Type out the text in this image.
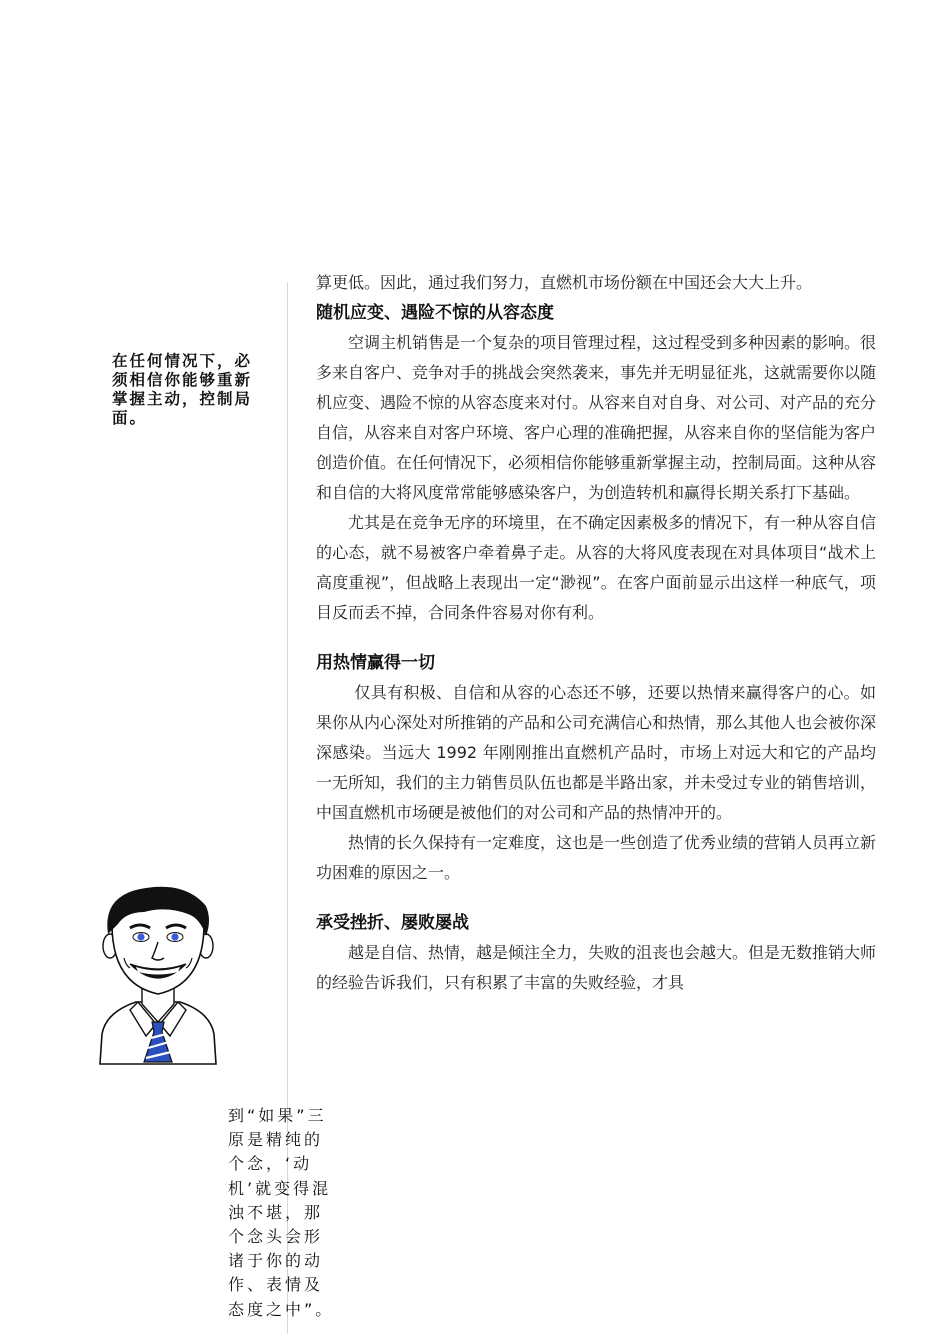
在任何情况下，必须相信你能够重新掌握主动，控制局面。

算更低。因此，通过我们努力，直燃机市场份额在中国还会大大上升。

随机应变、遇险不惊的从容态度

空调主机销售是一个复杂的项目管理过程，这过程受到多种因素的影响。很多来自客户、竞争对手的挑战会突然袭来，事先并无明显征兆，这就需要你以随机应变、遇险不惊的从容态度来对付。从容来自对自身、对公司、对产品的充分自信，从容来自对客户环境、客户心理的准确把握，从容来自你的坚信能为客户创造价值。在任何情况下，必须相信你能够重新掌握主动，控制局面。这种从容和自信的大将风度常常能够感染客户，为创造转机和赢得长期关系打下基础。

尤其是在竞争无序的环境里，在不确定因素极多的情况下，有一种从容自信的心态，就不易被客户牵着鼻子走。从容的大将风度表现在对具体项目“战术上高度重视”，但战略上表现出一定“渺视”。在客户面前显示出这样一种底气，项目反而丢不掉，合同条件容易对你有利。

用热情赢得一切

仅具有积极、自信和从容的心态还不够，还要以热情来赢得客户的心。如果你从内心深处对所推销的产品和公司充满信心和热情，那么其他人也会被你深深感染。当远大 1992 年刚刚推出直燃机产品时，市场上对远大和它的产品均一无所知，我们的主力销售员队伍也都是半路出家，并未受过专业的销售培训，中国直燃机市场硬是被他们的对公司和产品的热情冲开的。

热情的长久保持有一定难度，这也是一些创造了优秀业绩的营销人员再立新功困难的原因之一。

承受挫折、屡败屡战

越是自信、热情，越是倾注全力，失败的沮丧也会越大。但是无数推销大师的经验告诉我们，只有积累了丰富的失败经验，才具

到“如果”三原是精纯的个念，‘动机’就变得混浊不堪，那个念头会形诸于你的动作、表情及态度之中”。
